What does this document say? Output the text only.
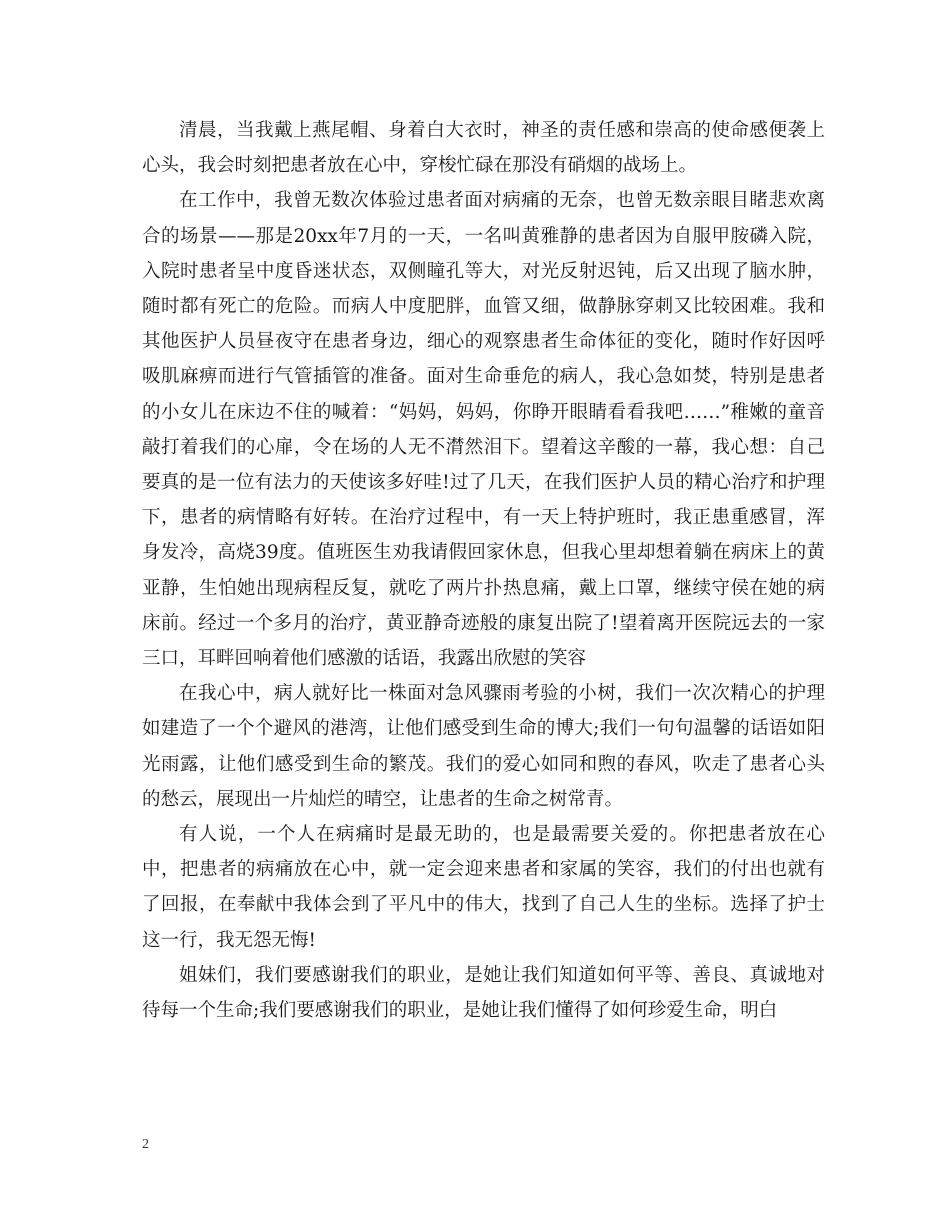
清晨，当我戴上燕尾帽、身着白大衣时，神圣的责任感和崇高的使命感便袭上心头，我会时刻把患者放在心中，穿梭忙碌在那没有硝烟的战场上。

在工作中，我曾无数次体验过患者面对病痛的无奈，也曾无数亲眼目睹悲欢离合的场景——那是20xx年7月的一天，一名叫黄雅静的患者因为自服甲胺磷入院，入院时患者呈中度昏迷状态，双侧瞳孔等大，对光反射迟钝，后又出现了脑水肿，随时都有死亡的危险。而病人中度肥胖，血管又细，做静脉穿刺又比较困难。我和其他医护人员昼夜守在患者身边，细心的观察患者生命体征的变化，随时作好因呼吸肌麻痹而进行气管插管的准备。面对生命垂危的病人，我心急如焚，特别是患者的小女儿在床边不住的喊着：“妈妈，妈妈，你睁开眼睛看看我吧……”稚嫩的童音敲打着我们的心扉，令在场的人无不潸然泪下。望着这辛酸的一幕，我心想：自己要真的是一位有法力的天使该多好哇!过了几天，在我们医护人员的精心治疗和护理下，患者的病情略有好转。在治疗过程中，有一天上特护班时，我正患重感冒，浑身发冷，高烧39度。值班医生劝我请假回家休息，但我心里却想着躺在病床上的黄亚静，生怕她出现病程反复，就吃了两片扑热息痛，戴上口罩，继续守侯在她的病床前。经过一个多月的治疗，黄亚静奇迹般的康复出院了!望着离开医院远去的一家三口，耳畔回响着他们感激的话语，我露出欣慰的笑容

在我心中，病人就好比一株面对急风骤雨考验的小树，我们一次次精心的护理如建造了一个个避风的港湾，让他们感受到生命的博大;我们一句句温馨的话语如阳光雨露，让他们感受到生命的繁茂。我们的爱心如同和煦的春风，吹走了患者心头的愁云，展现出一片灿烂的晴空，让患者的生命之树常青。

有人说，一个人在病痛时是最无助的，也是最需要关爱的。你把患者放在心中，把患者的病痛放在心中，就一定会迎来患者和家属的笑容，我们的付出也就有了回报，在奉献中我体会到了平凡中的伟大，找到了自己人生的坐标。选择了护士这一行，我无怨无悔!

姐妹们，我们要感谢我们的职业，是她让我们知道如何平等、善良、真诚地对待每一个生命;我们要感谢我们的职业，是她让我们懂得了如何珍爱生命，明白

2
